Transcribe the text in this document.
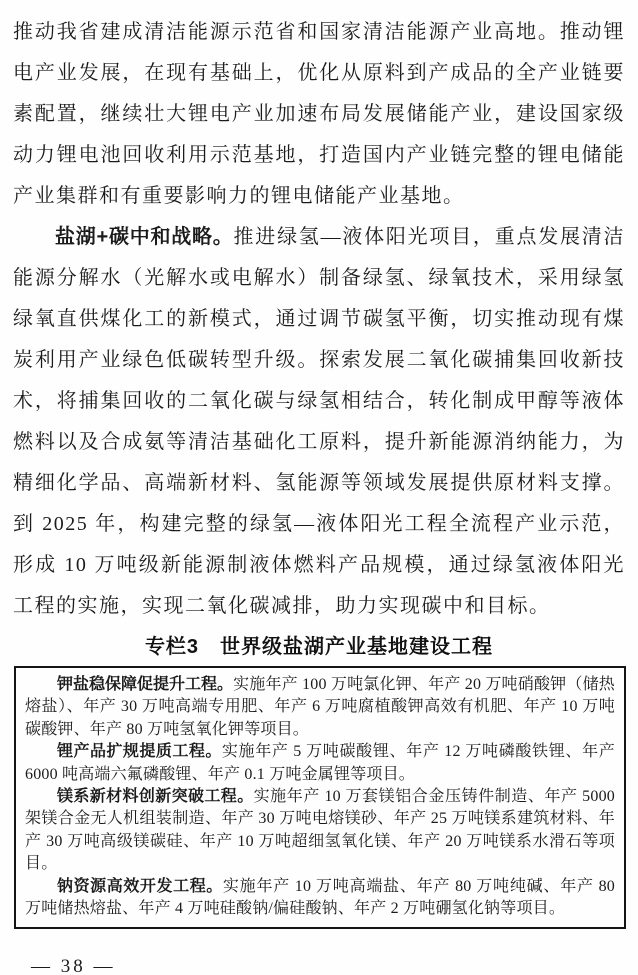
推动我省建成清洁能源示范省和国家清洁能源产业高地。推动锂电产业发展，在现有基础上，优化从原料到产成品的全产业链要素配置，继续壮大锂电产业加速布局发展储能产业，建设国家级动力锂电池回收利用示范基地，打造国内产业链完整的锂电储能产业集群和有重要影响力的锂电储能产业基地。

盐湖+碳中和战略。推进绿氢—液体阳光项目，重点发展清洁能源分解水（光解水或电解水）制备绿氢、绿氧技术，采用绿氢绿氧直供煤化工的新模式，通过调节碳氢平衡，切实推动现有煤炭利用产业绿色低碳转型升级。探索发展二氧化碳捕集回收新技术，将捕集回收的二氧化碳与绿氢相结合，转化制成甲醇等液体燃料以及合成氨等清洁基础化工原料，提升新能源消纳能力，为精细化学品、高端新材料、氢能源等领域发展提供原材料支撑。到 2025 年，构建完整的绿氢—液体阳光工程全流程产业示范，形成 10 万吨级新能源制液体燃料产品规模，通过绿氢液体阳光工程的实施，实现二氧化碳减排，助力实现碳中和目标。

专栏3　世界级盐湖产业基地建设工程

钾盐稳保障促提升工程。实施年产 100 万吨氯化钾、年产 20 万吨硝酸钾（储热熔盐）、年产 30 万吨高端专用肥、年产 6 万吨腐植酸钾高效有机肥、年产 10 万吨碳酸钾、年产 80 万吨氢氧化钾等项目。

锂产品扩规提质工程。实施年产 5 万吨碳酸锂、年产 12 万吨磷酸铁锂、年产 6000 吨高端六氟磷酸锂、年产 0.1 万吨金属锂等项目。

镁系新材料创新突破工程。实施年产 10 万套镁铝合金压铸件制造、年产 5000 架镁合金无人机组装制造、年产 30 万吨电熔镁砂、年产 25 万吨镁系建筑材料、年产 30 万吨高级镁碳硅、年产 10 万吨超细氢氧化镁、年产 20 万吨镁系水滑石等项目。

钠资源高效开发工程。实施年产 10 万吨高端盐、年产 80 万吨纯碱、年产 80 万吨储热熔盐、年产 4 万吨硅酸钠/偏硅酸钠、年产 2 万吨硼氢化钠等项目。

— 38 —
